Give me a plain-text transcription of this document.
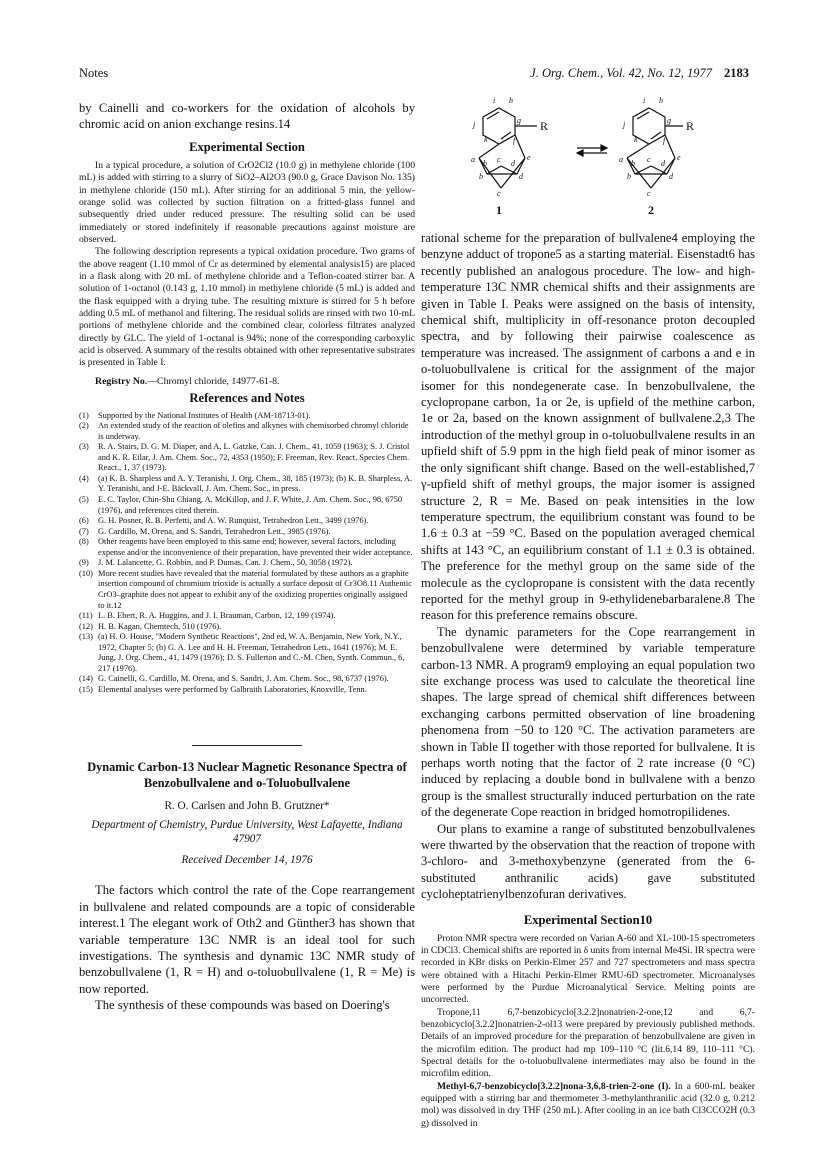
Notes	J. Org. Chem., Vol. 42, No. 12, 1977 2183

by Cainelli and co-workers for the oxidation of alcohols by chromic acid on anion exchange resins.14

Experimental Section

In a typical procedure, a solution of CrO2Cl2 (10.0 g) in methylene chloride (100 mL) is added with stirring to a slurry of SiO2–Al2O3 (90.0 g, Grace Davison No. 135) in methylene chloride (150 mL). After stirring for an additional 5 min, the yellow-orange solid was collected by suction filtration on a fritted-glass funnel and subsequently dried under reduced pressure. The resulting solid can be used immediately or stored indefinitely if reasonable precautions against moisture are observed.

The following description represents a typical oxidation procedure. Two grams of the above reagent (1.10 mmol of Cr as determined by elemental analysis15) are placed in a flask along with 20 mL of methylene chloride and a Teflon-coated stirrer bar. A solution of 1-octanol (0.143 g, 1.10 mmol) in methylene chloride (5 mL) is added and the flask equipped with a drying tube. The resulting mixture is stirred for 5 h before adding 0.5 mL of methanol and filtering. The residual solids are rinsed with two 10-mL portions of methylene chloride and the combined clear, colorless filtrates analyzed directly by GLC. The yield of 1-octanal is 94%; none of the corresponding carboxylic acid is observed. A summary of the results obtained with other representative substrates is presented in Table I.

Registry No.—Chromyl chloride, 14977-61-8.

References and Notes
(1) Supported by the National Institutes of Health (AM-18713-01).
(2) An extended study of the reaction of olefins and alkynes with chemisorbed chromyl chloride is underway.
(3) R. A. Stairs, D. G. M. Diaper, and A. L. Gatzke, Can. J. Chem., 41, 1059 (1963); S. J. Cristol and K. R. Eilar, J. Am. Chem. Soc., 72, 4353 (1950); F. Freeman, Rev. React. Species Chem. React., 1, 37 (1973).
(4) (a) K. B. Sharpless and A. Y. Teranishi, J. Org. Chem., 38, 185 (1973); (b) K. B. Sharpless, A. Y. Teranishi, and J-E. Bäckvall, J. Am. Chem. Soc., in press.
(5) E. C. Taylor, Chin-Shu Chiang, A. McKillop, and J. F. White, J. Am. Chem. Soc., 98, 6750 (1976), and references cited therein.
(6) G. H. Posner, R. B. Perfetti, and A. W. Runquist, Tetrahedron Lett., 3499 (1976).
(7) G. Cardillo, M. Orena, and S. Sandri, Tetrahedron Lett., 3985 (1976).
(8) Other reagents have been employed to this same end; however, several factors, including expense and/or the inconvenience of their preparation, have prevented their wider acceptance.
(9) J. M. Lalancette, G. Robbin, and P. Dumas, Can. J. Chem., 50, 3058 (1972).
(10) More recent studies have revealed that the material formulated by these authors as a graphite insertion compound of chromium trioxide is actually a surface deposit of Cr3O8.11 Authentic CrO3–graphite does not appear to exhibit any of the oxidizing properties originally assigned to it.12
(11) L. B. Ebert, R. A. Huggins, and J. I. Brauman, Carbon, 12, 199 (1974).
(12) H. B. Kagan, Chemtech, 510 (1976).
(13) (a) H. O. House, "Modern Synthetic Reactions", 2nd ed, W. A. Benjamin, New York, N.Y., 1972, Chapter 5; (b) G. A. Lee and H. H. Freeman, Tetrahedron Lett., 1641 (1976); M. E. Jung, J. Org. Chem., 41, 1479 (1976); D. S. Fullerton and C.-M. Chen, Synth. Commun., 6, 217 (1976).
(14) G. Cainelli, G. Cardillo, M. Orena, and S. Sandri, J. Am. Chem. Soc., 98, 6737 (1976).
(15) Elemental analyses were performed by Galbraith Laboratories, Knoxville, Tenn.
Dynamic Carbon-13 Nuclear Magnetic Resonance Spectra of Benzobullvalene and o-Toluobullvalene
R. O. Carlsen and John B. Grutzner*
Department of Chemistry, Purdue University, West Lafayette, Indiana 47907
Received December 14, 1976

The factors which control the rate of the Cope rearrangement in bullvalene and related compounds are a topic of considerable interest.1 The elegant work of Oth2 and Günther3 has shown that variable temperature 13C NMR is an ideal tool for such investigations. The synthesis and dynamic 13C NMR study of benzobullvalene (1, R = H) and o-toluobullvalene (1, R = Me) is now reported.

The synthesis of these compounds was based on Doering's

i h
j	g
k	f
a b c d
e
b
c
d
i h
j	g
k	f
a b c d
e
b
c
d
R	R
1	2

rational scheme for the preparation of bullvalene4 employing the benzyne adduct of tropone5 as a starting material. Eisenstadt6 has recently published an analogous procedure. The low- and high-temperature 13C NMR chemical shifts and their assignments are given in Table I. Peaks were assigned on the basis of intensity, chemical shift, multiplicity in off-resonance proton decoupled spectra, and by following their pairwise coalescence as temperature was increased. The assignment of carbons a and e in o-toluobullvalene is critical for the assignment of the major isomer for this nondegenerate case. In benzobullvalene, the cyclopropane carbon, 1a or 2e, is upfield of the methine carbon, 1e or 2a, based on the known assignment of bullvalene.2,3 The introduction of the methyl group in o-toluobullvalene results in an upfield shift of 5.9 ppm in the high field peak of minor isomer as the only significant shift change. Based on the well-established,7 γ-upfield shift of methyl groups, the major isomer is assigned structure 2, R = Me. Based on peak intensities in the low temperature spectrum, the equilibrium constant was found to be 1.6 ± 0.3 at −59 °C. Based on the population averaged chemical shifts at 143 °C, an equilibrium constant of 1.1 ± 0.3 is obtained. The preference for the methyl group on the same side of the molecule as the cyclopropane is consistent with the data recently reported for the methyl group in 9-ethylidenebarbaralene.8 The reason for this preference remains obscure.

The dynamic parameters for the Cope rearrangement in benzobullvalene were determined by variable temperature carbon-13 NMR. A program9 employing an equal population two site exchange process was used to calculate the theoretical line shapes. The large spread of chemical shift differences between exchanging carbons permitted observation of line broadening phenomena from −50 to 120 °C. The activation parameters are shown in Table II together with those reported for bullvalene. It is perhaps worth noting that the factor of 2 rate increase (0 °C) induced by replacing a double bond in bullvalene with a benzo group is the smallest structurally induced perturbation on the rate of the degenerate Cope reaction in bridged homotropilidenes.

Our plans to examine a range of substituted benzobullvalenes were thwarted by the observation that the reaction of tropone with 3-chloro- and 3-methoxybenzyne (generated from the 6-substituted anthranilic acids) gave substituted cycloheptatrienylbenzofuran derivatives.

Experimental Section10

Proton NMR spectra were recorded on Varian A-60 and XL-100-15 spectrometers in CDCl3. Chemical shifts are reported in δ units from internal Me4Si. IR spectra were recorded in KBr disks on Perkin-Elmer 257 and 727 spectrometers and mass spectra were obtained with a Hitachi Perkin-Elmer RMU-6D spectrometer. Microanalyses were performed by the Purdue Microanalytical Service. Melting points are uncorrected.

Tropone,11 6,7-benzobicyclo[3.2.2]nonatrien-2-one,12 and 6,7-benzobicyclo[3.2.2]nonatrien-2-ol13 were prepared by previously published methods. Details of an improved procedure for the preparation of benzobullvalene are given in the microfilm edition. The product had mp 109–110 °C (lit.6,14 89, 110–111 °C). Spectral details for the o-toluobullvalene intermediates may also be found in the microfilm edition.

Methyl-6,7-benzobicyclo[3.2.2]nona-3,6,8-trien-2-one (I). In a 600-mL beaker equipped with a stirring bar and thermometer 3-methylanthranilic acid (32.0 g, 0.212 mol) was dissolved in dry THF (250 mL). After cooling in an ice bath Cl3CCO2H (0.3 g) dissolved in
